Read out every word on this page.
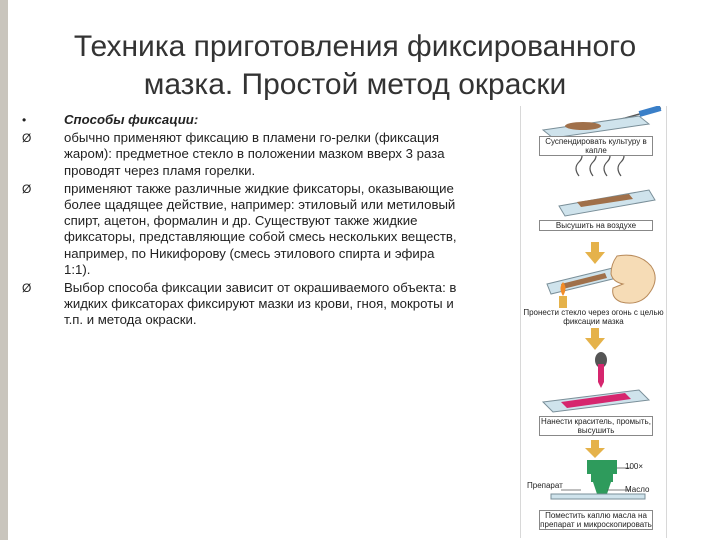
Техника приготовления фиксированного
мазка. Простой метод окраски
•	Способы фиксации:
Ø	обычно применяют фиксацию в пламени го-релки (фиксация жаром): предметное стекло в положении мазком вверх 3 раза проводят через пламя горелки.
Ø	применяют также различные жидкие фиксаторы, оказывающие более щадящее действие, например: этиловый или метиловый спирт, ацетон, формалин и др. Существуют также жидкие фиксаторы, представляющие собой смесь нескольких веществ, например, по Никифорову (смесь этилового спирта и эфира 1:1).
Ø	Выбор способа фиксации зависит от окрашиваемого объекта: в жидких фиксаторах фиксируют мазки из крови, гноя, мокроты и т.п. и метода окраски.
Суспендировать культуру в капле
Высушить на воздухе
Пронести стекло через огонь с целью фиксации мазка
Нанести краситель, промыть, высушить
100×
Препарат	Масло
Поместить каплю масла на препарат и микроскопировать
